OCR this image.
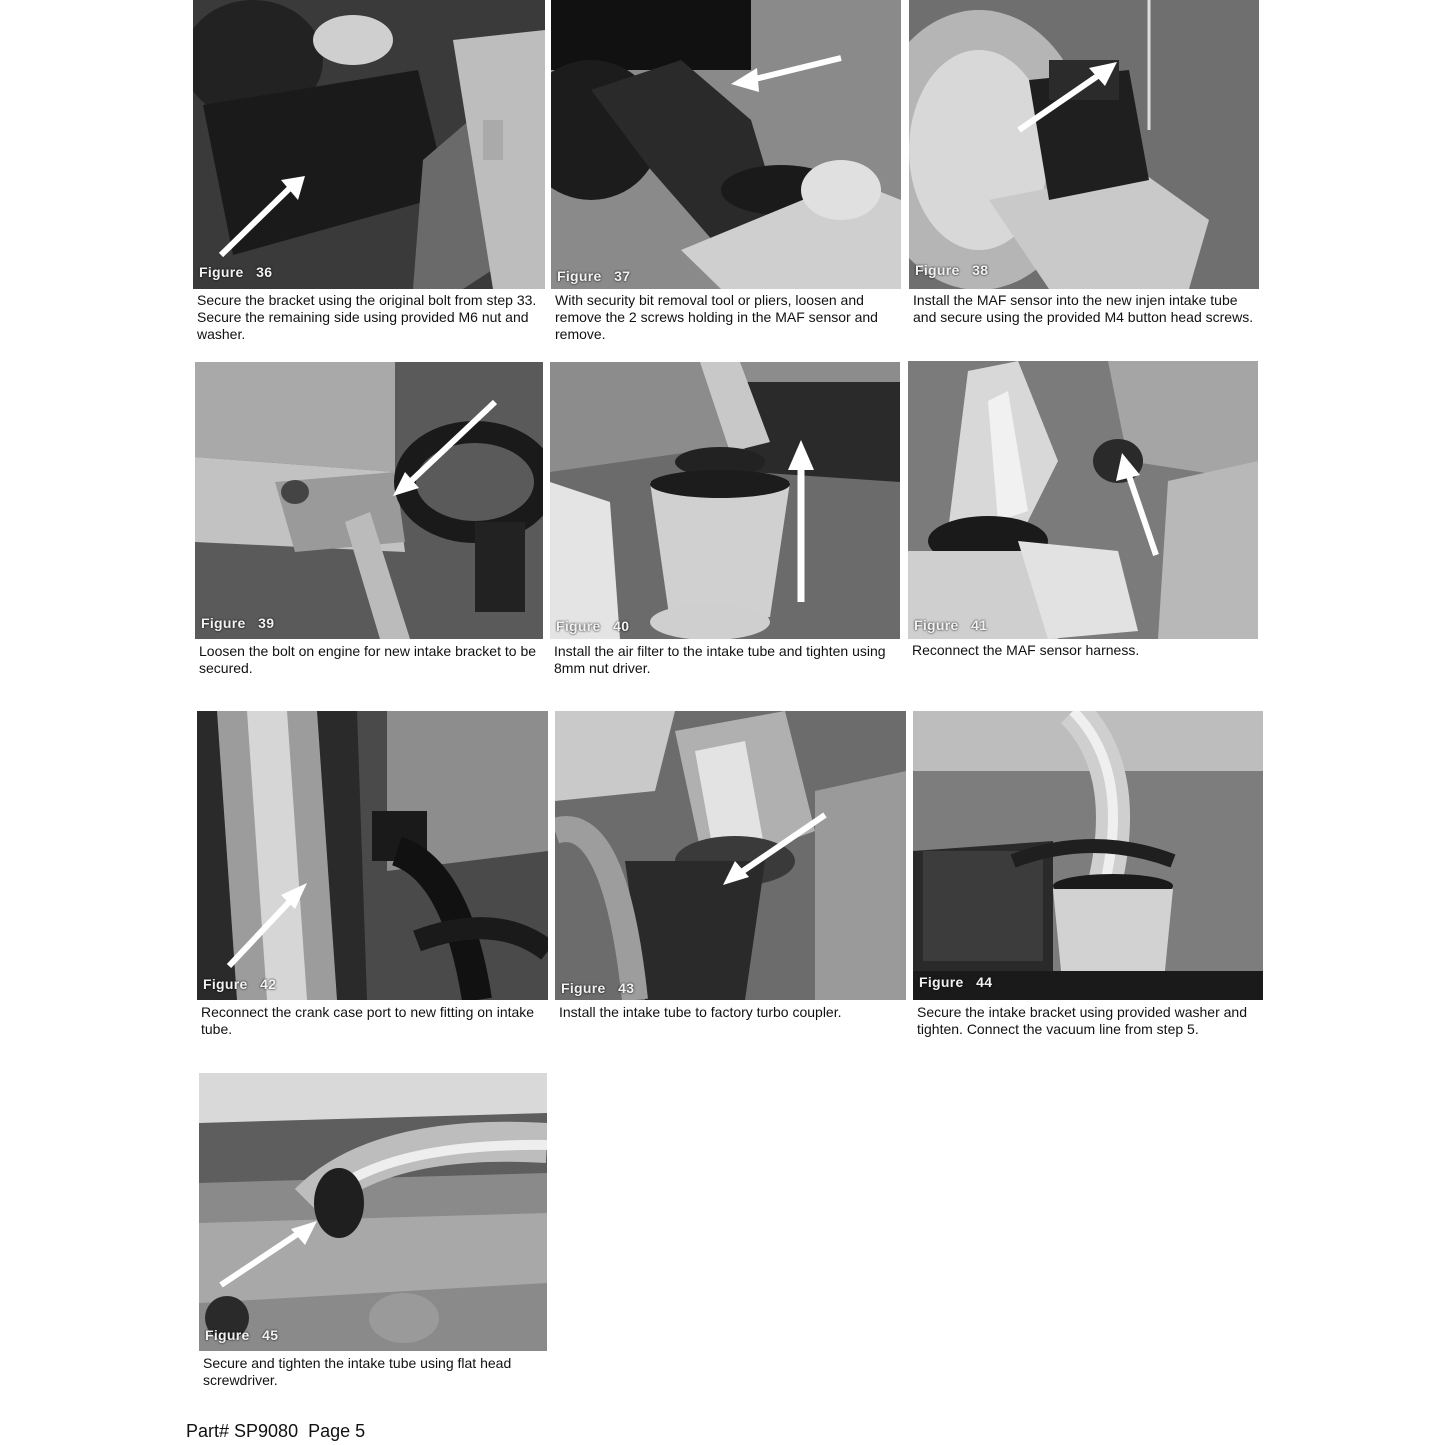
Figure   36
Secure the bracket using the original bolt from step 33. Secure the remaining side using provided M6 nut and washer.
Figure   37
With security bit removal tool or pliers, loosen and remove the 2 screws holding in the MAF sensor and remove.
Figure   38
Install the MAF sensor into the new injen intake tube and secure using the provided M4 button head screws.
Figure   39
Loosen the bolt on engine for new intake bracket to be secured.
Figure   40
Install the air filter to the intake tube and tighten using 8mm nut driver.
Figure   41
Reconnect the MAF sensor harness.
Figure   42
Reconnect the crank case port to new fitting on intake tube.
Figure   43
Install the intake tube to factory turbo coupler.
Figure   44
Secure the intake bracket using provided washer and tighten. Connect the vacuum line from step 5.
Figure   45
Secure and tighten the intake tube using flat head screwdriver.
Part# SP9080  Page 5
